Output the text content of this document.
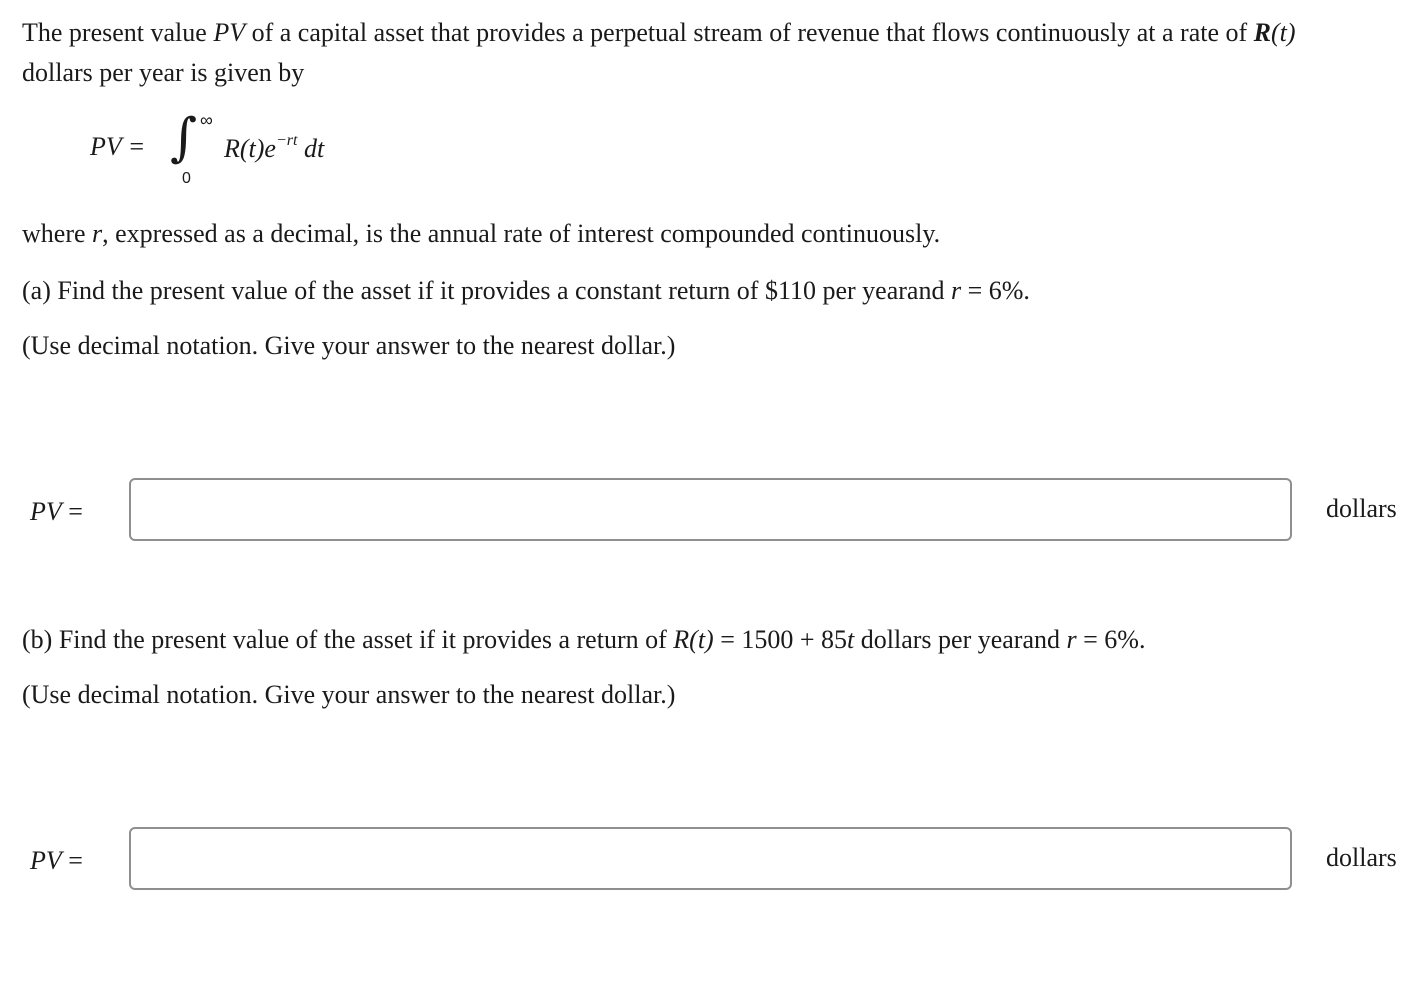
The present value PV of a capital asset that provides a perpetual stream of revenue that flows continuously at a rate of R(t)
dollars per year is given by
PV = ∫ ∞
0
$R(t)e^{-rt}$ dt
where r, expressed as a decimal, is the annual rate of interest compounded continuously.
(a) Find the present value of the asset if it provides a constant return of $110 per yearand r = 6%.
(Use decimal notation. Give your answer to the nearest dollar.)
PV =	dollars
(b) Find the present value of the asset if it provides a return of R(t) = 1500 + 85t dollars per yearand r = 6%.
(Use decimal notation. Give your answer to the nearest dollar.)
PV =	dollars
